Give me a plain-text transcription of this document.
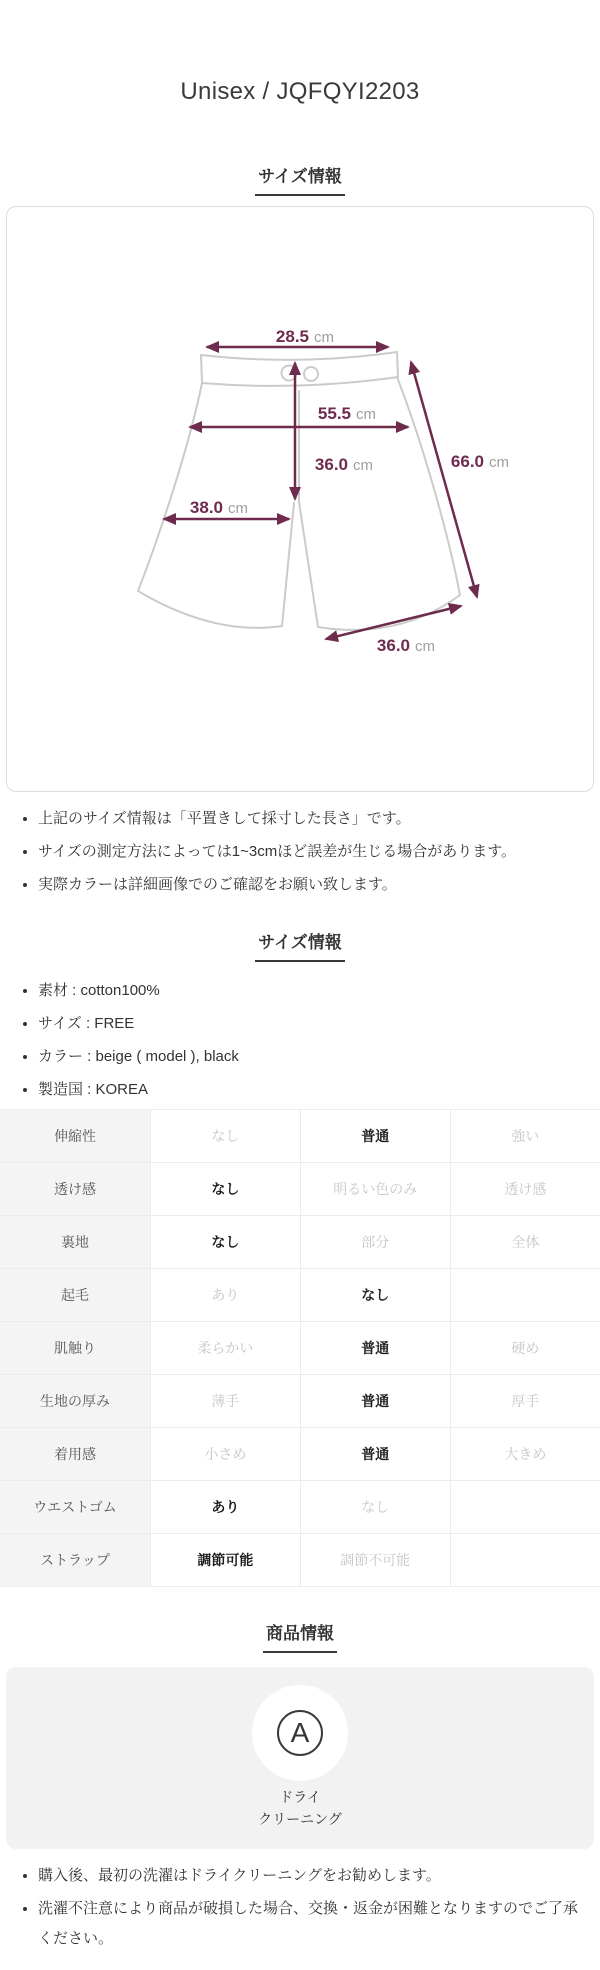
Unisex / JQFQYI2203
サイズ情報
28.5 cm
55.5 cm
36.0 cm	66.0 cm
38.0 cm
36.0 cm
• 上記のサイズ情報は「平置きして採寸した長さ」です。
• サイズの測定方法によっては1~3cmほど誤差が生じる場合があります。
• 実際カラーは詳細画像でのご確認をお願い致します。
サイズ情報
• 素材 : cotton100%
• サイズ : FREE
• カラー : beige ( model ), black
• 製造国 : KOREA
伸縮性	なし	普通	強い
透け感	なし	明るい色のみ	透け感
裏地	なし	部分	全体
起毛	あり	なし	
肌触り	柔らかい	普通	硬め
生地の厚み	薄手	普通	厚手
着用感	小さめ	普通	大きめ
ウエストゴム	あり	なし	
ストラップ	調節可能	調節不可能	
商品情報
A
ドライ
クリーニング
• 購入後、最初の洗濯はドライクリーニングをお勧めします。
• 洗濯不注意により商品が破損した場合、交換・返金が困難となりますのでご了承ください。
